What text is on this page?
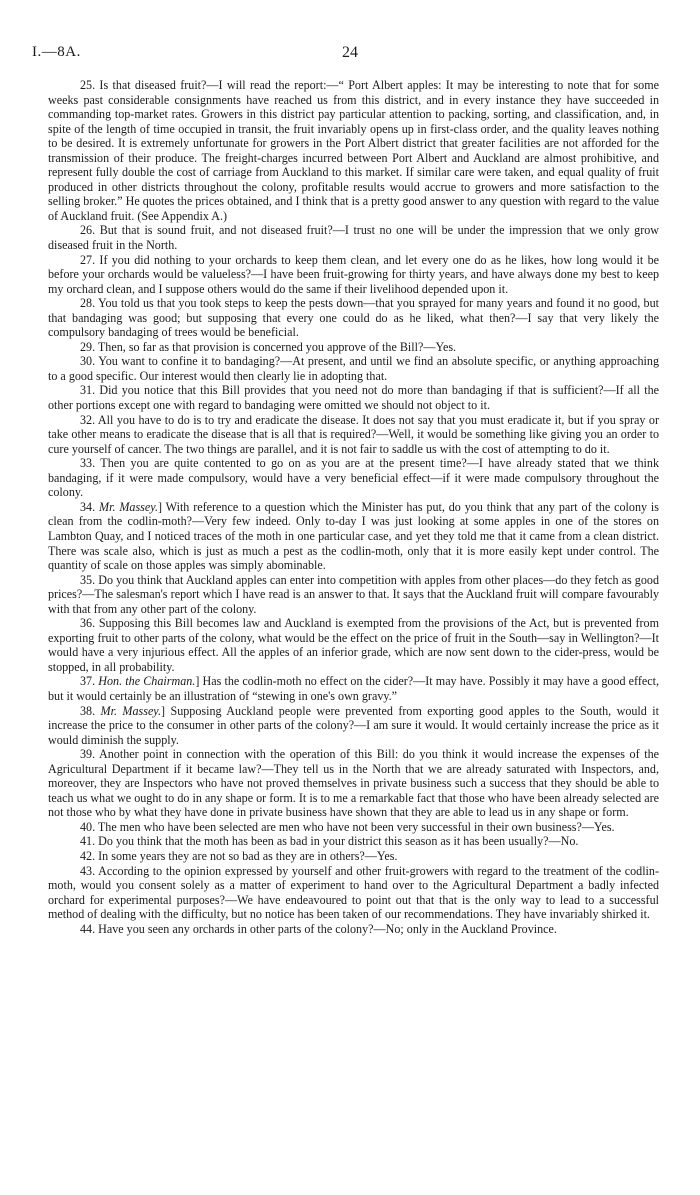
I.—8A.	24

25. Is that diseased fruit?—I will read the report:—“ Port Albert apples: It may be interesting to note that for some weeks past considerable consignments have reached us from this district, and in every instance they have succeeded in commanding top-market rates. Growers in this district pay particular attention to packing, sorting, and classification, and, in spite of the length of time occupied in transit, the fruit invariably opens up in first-class order, and the quality leaves nothing to be desired. It is extremely unfortunate for growers in the Port Albert district that greater facilities are not afforded for the transmission of their produce. The freight-charges incurred between Port Albert and Auckland are almost prohibitive, and represent fully double the cost of carriage from Auckland to this market. If similar care were taken, and equal quality of fruit produced in other districts throughout the colony, profitable results would accrue to growers and more satisfaction to the selling broker.” He quotes the prices obtained, and I think that is a pretty good answer to any question with regard to the value of Auckland fruit. (See Appendix A.)

26. But that is sound fruit, and not diseased fruit?—I trust no one will be under the impression that we only grow diseased fruit in the North.

27. If you did nothing to your orchards to keep them clean, and let every one do as he likes, how long would it be before your orchards would be valueless?—I have been fruit-growing for thirty years, and have always done my best to keep my orchard clean, and I suppose others would do the same if their livelihood depended upon it.

28. You told us that you took steps to keep the pests down—that you sprayed for many years and found it no good, but that bandaging was good; but supposing that every one could do as he liked, what then?—I say that very likely the compulsory bandaging of trees would be beneficial.

29. Then, so far as that provision is concerned you approve of the Bill?—Yes.

30. You want to confine it to bandaging?—At present, and until we find an absolute specific, or anything approaching to a good specific. Our interest would then clearly lie in adopting that.

31. Did you notice that this Bill provides that you need not do more than bandaging if that is sufficient?—If all the other portions except one with regard to bandaging were omitted we should not object to it.

32. All you have to do is to try and eradicate the disease. It does not say that you must eradicate it, but if you spray or take other means to eradicate the disease that is all that is required?—Well, it would be something like giving you an order to cure yourself of cancer. The two things are parallel, and it is not fair to saddle us with the cost of attempting to do it.

33. Then you are quite contented to go on as you are at the present time?—I have already stated that we think bandaging, if it were made compulsory, would have a very beneficial effect—if it were made compulsory throughout the colony.

34. Mr. Massey.] With reference to a question which the Minister has put, do you think that any part of the colony is clean from the codlin-moth?—Very few indeed. Only to-day I was just looking at some apples in one of the stores on Lambton Quay, and I noticed traces of the moth in one particular case, and yet they told me that it came from a clean district. There was scale also, which is just as much a pest as the codlin-moth, only that it is more easily kept under control. The quantity of scale on those apples was simply abominable.

35. Do you think that Auckland apples can enter into competition with apples from other places—do they fetch as good prices?—The salesman's report which I have read is an answer to that. It says that the Auckland fruit will compare favourably with that from any other part of the colony.

36. Supposing this Bill becomes law and Auckland is exempted from the provisions of the Act, but is prevented from exporting fruit to other parts of the colony, what would be the effect on the price of fruit in the South—say in Wellington?—It would have a very injurious effect. All the apples of an inferior grade, which are now sent down to the cider-press, would be stopped, in all probability.

37. Hon. the Chairman.] Has the codlin-moth no effect on the cider?—It may have. Possibly it may have a good effect, but it would certainly be an illustration of “stewing in one's own gravy.”

38. Mr. Massey.] Supposing Auckland people were prevented from exporting good apples to the South, would it increase the price to the consumer in other parts of the colony?—I am sure it would. It would certainly increase the price as it would diminish the supply.

39. Another point in connection with the operation of this Bill: do you think it would increase the expenses of the Agricultural Department if it became law?—They tell us in the North that we are already saturated with Inspectors, and, moreover, they are Inspectors who have not proved themselves in private business such a success that they should be able to teach us what we ought to do in any shape or form. It is to me a remarkable fact that those who have been already selected are not those who by what they have done in private business have shown that they are able to lead us in any shape or form.

40. The men who have been selected are men who have not been very successful in their own business?—Yes.

41. Do you think that the moth has been as bad in your district this season as it has been usually?—No.

42. In some years they are not so bad as they are in others?—Yes.

43. According to the opinion expressed by yourself and other fruit-growers with regard to the treatment of the codlin-moth, would you consent solely as a matter of experiment to hand over to the Agricultural Department a badly infected orchard for experimental purposes?—We have endeavoured to point out that that is the only way to lead to a successful method of dealing with the difficulty, but no notice has been taken of our recommendations. They have invariably shirked it.

44. Have you seen any orchards in other parts of the colony?—No; only in the Auckland Province.
